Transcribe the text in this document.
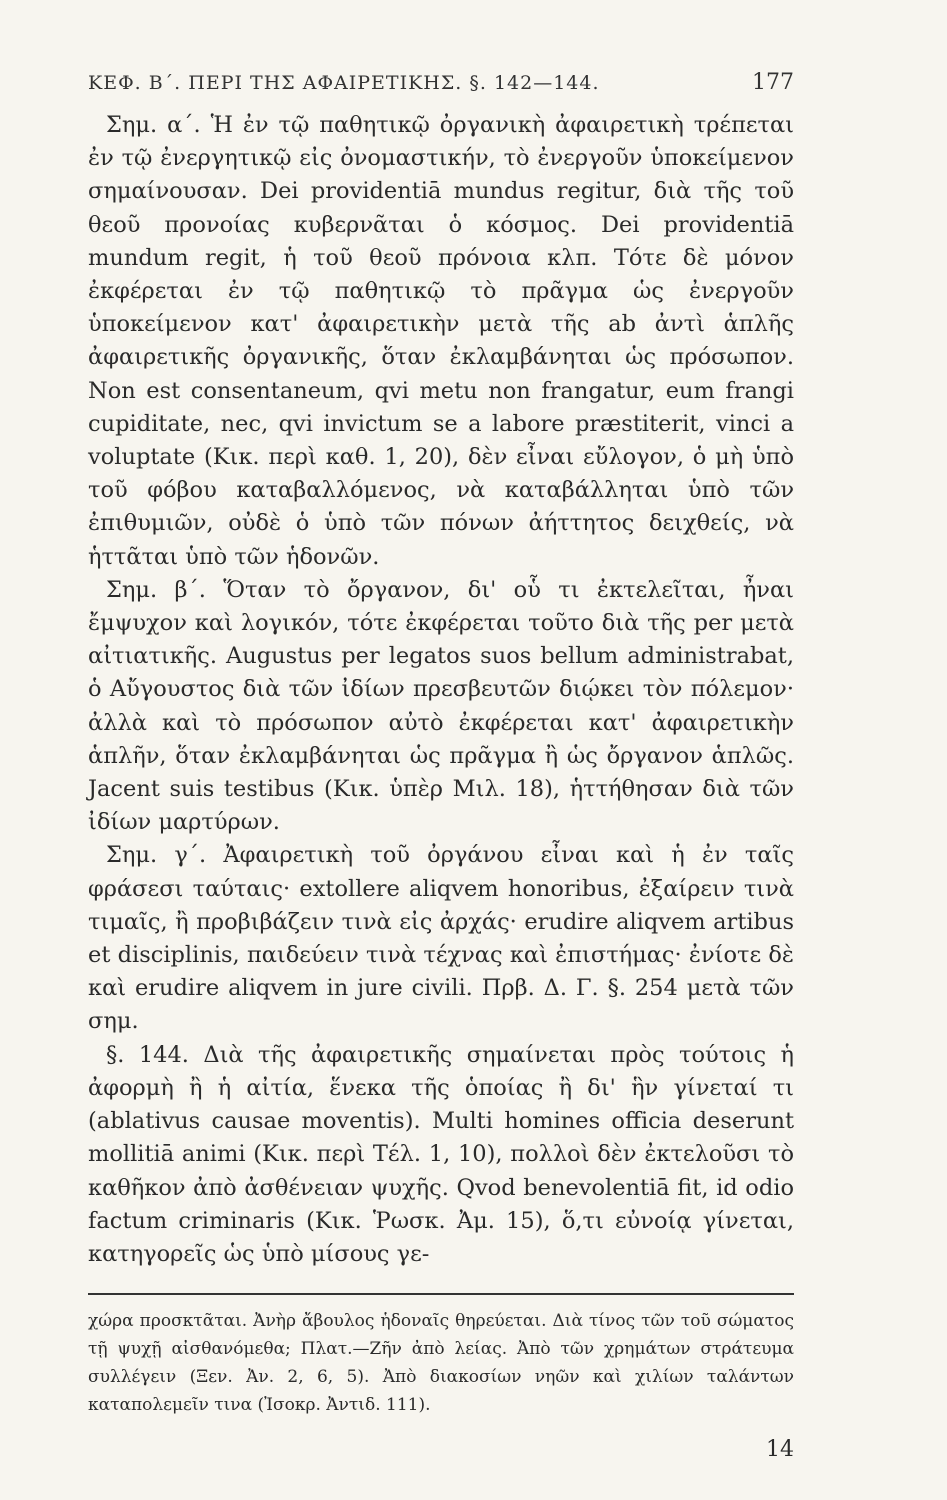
ΚΕΦ. Β΄. ΠΕΡΙ ΤΗΣ ΑΦΑΙΡΕΤΙΚΗΣ. §. 142—144.	177

Σημ. α΄. Ἡ ἐν τῷ παθητικῷ ὀργανικὴ ἀφαιρετικὴ τρέπεται ἐν τῷ ἐνεργητικῷ εἰς ὀνομαστικήν, τὸ ἐνεργοῦν ὑποκείμενον σημαίνουσαν. Dei providentiā mundus regitur, διὰ τῆς τοῦ θεοῦ προνοίας κυβερνᾶται ὁ κόσμος. Dei providentiā mundum regit, ἡ τοῦ θεοῦ πρόνοια κλπ. Τότε δὲ μόνον ἐκφέρεται ἐν τῷ παθητικῷ τὸ πρᾶγμα ὡς ἐνεργοῦν ὑποκείμενον κατ' ἀφαιρετικὴν μετὰ τῆς ab ἀντὶ ἁπλῆς ἀφαιρετικῆς ὀργανικῆς, ὅταν ἐκλαμβάνηται ὡς πρόσωπον. Non est consentaneum, qvi metu non frangatur, eum frangi cupiditate, nec, qvi invictum se a labore præstiterit, vinci a voluptate (Κικ. περὶ καθ. 1, 20), δὲν εἶναι εὔλογον, ὁ μὴ ὑπὸ τοῦ φόβου καταβαλλόμενος, νὰ καταβάλληται ὑπὸ τῶν ἐπιθυμιῶν, οὐδὲ ὁ ὑπὸ τῶν πόνων ἀήττητος δειχθείς, νὰ ἡττᾶται ὑπὸ τῶν ἡδονῶν.

Σημ. β΄. Ὅταν τὸ ὄργανον, δι' οὗ τι ἐκτελεῖται, ἦναι ἔμψυχον καὶ λογικόν, τότε ἐκφέρεται τοῦτο διὰ τῆς per μετὰ αἰτιατικῆς. Augustus per legatos suos bellum administrabat, ὁ Αὔγουστος διὰ τῶν ἰδίων πρεσβευτῶν διῴκει τὸν πόλεμον· ἀλλὰ καὶ τὸ πρόσωπον αὐτὸ ἐκφέρεται κατ' ἀφαιρετικὴν ἁπλῆν, ὅταν ἐκλαμβάνηται ὡς πρᾶγμα ἢ ὡς ὄργανον ἁπλῶς. Jacent suis testibus (Κικ. ὑπὲρ Μιλ. 18), ἡττήθησαν διὰ τῶν ἰδίων μαρτύρων.

Σημ. γ΄. Ἀφαιρετικὴ τοῦ ὀργάνου εἶναι καὶ ἡ ἐν ταῖς φράσεσι ταύταις· extollere aliqvem honoribus, ἐξαίρειν τινὰ τιμαῖς, ἢ προβιβάζειν τινὰ εἰς ἀρχάς· erudire aliqvem artibus et disciplinis, παιδεύειν τινὰ τέχνας καὶ ἐπιστήμας· ἐνίοτε δὲ καὶ erudire aliqvem in jure civili. Πρβ. Δ. Γ. §. 254 μετὰ τῶν σημ.

§. 144. Διὰ τῆς ἀφαιρετικῆς σημαίνεται πρὸς τούτοις ἡ ἀφορμὴ ἢ ἡ αἰτία, ἕνεκα τῆς ὁποίας ἢ δι' ἣν γίνεταί τι (ablativus causae moventis). Multi homines officia deserunt mollitiā animi (Κικ. περὶ Τέλ. 1, 10), πολλοὶ δὲν ἐκτελοῦσι τὸ καθῆκον ἀπὸ ἀσθένειαν ψυχῆς. Qvod benevolentiā fit, id odio factum criminaris (Κικ. Ῥωσκ. Ἀμ. 15), ὅ,τι εὐνοίᾳ γίνεται, κατηγορεῖς ὡς ὑπὸ μίσους γε-

χώρα προσκτᾶται. Ἀνὴρ ἄβουλος ἡδοναῖς θηρεύεται. Διὰ τίνος τῶν τοῦ σώματος τῇ ψυχῇ αἰσθανόμεθα; Πλατ.—Ζῆν ἀπὸ λείας. Ἀπὸ τῶν χρημάτων στράτευμα συλλέγειν (Ξεν. Ἀν. 2, 6, 5). Ἀπὸ διακοσίων νηῶν καὶ χιλίων ταλάντων καταπολεμεῖν τινα (Ἰσοκρ. Ἀντιδ. 111).

14
